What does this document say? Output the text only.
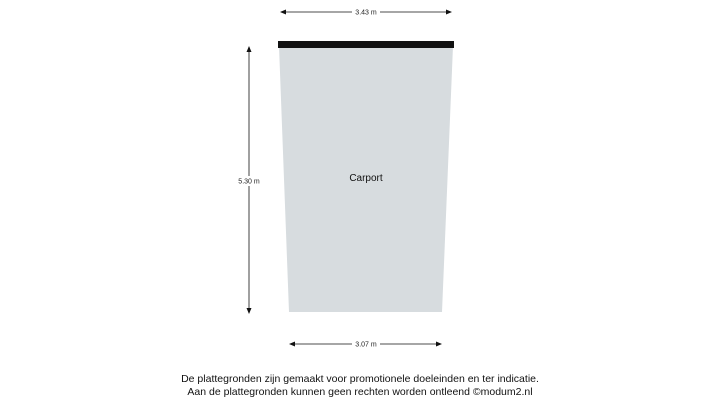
Carport
3.43 m
5.30 m
3.07 m
De plattegronden zijn gemaakt voor promotionele doeleinden en ter indicatie.
Aan de plattegronden kunnen geen rechten worden ontleend ©modum2.nl
